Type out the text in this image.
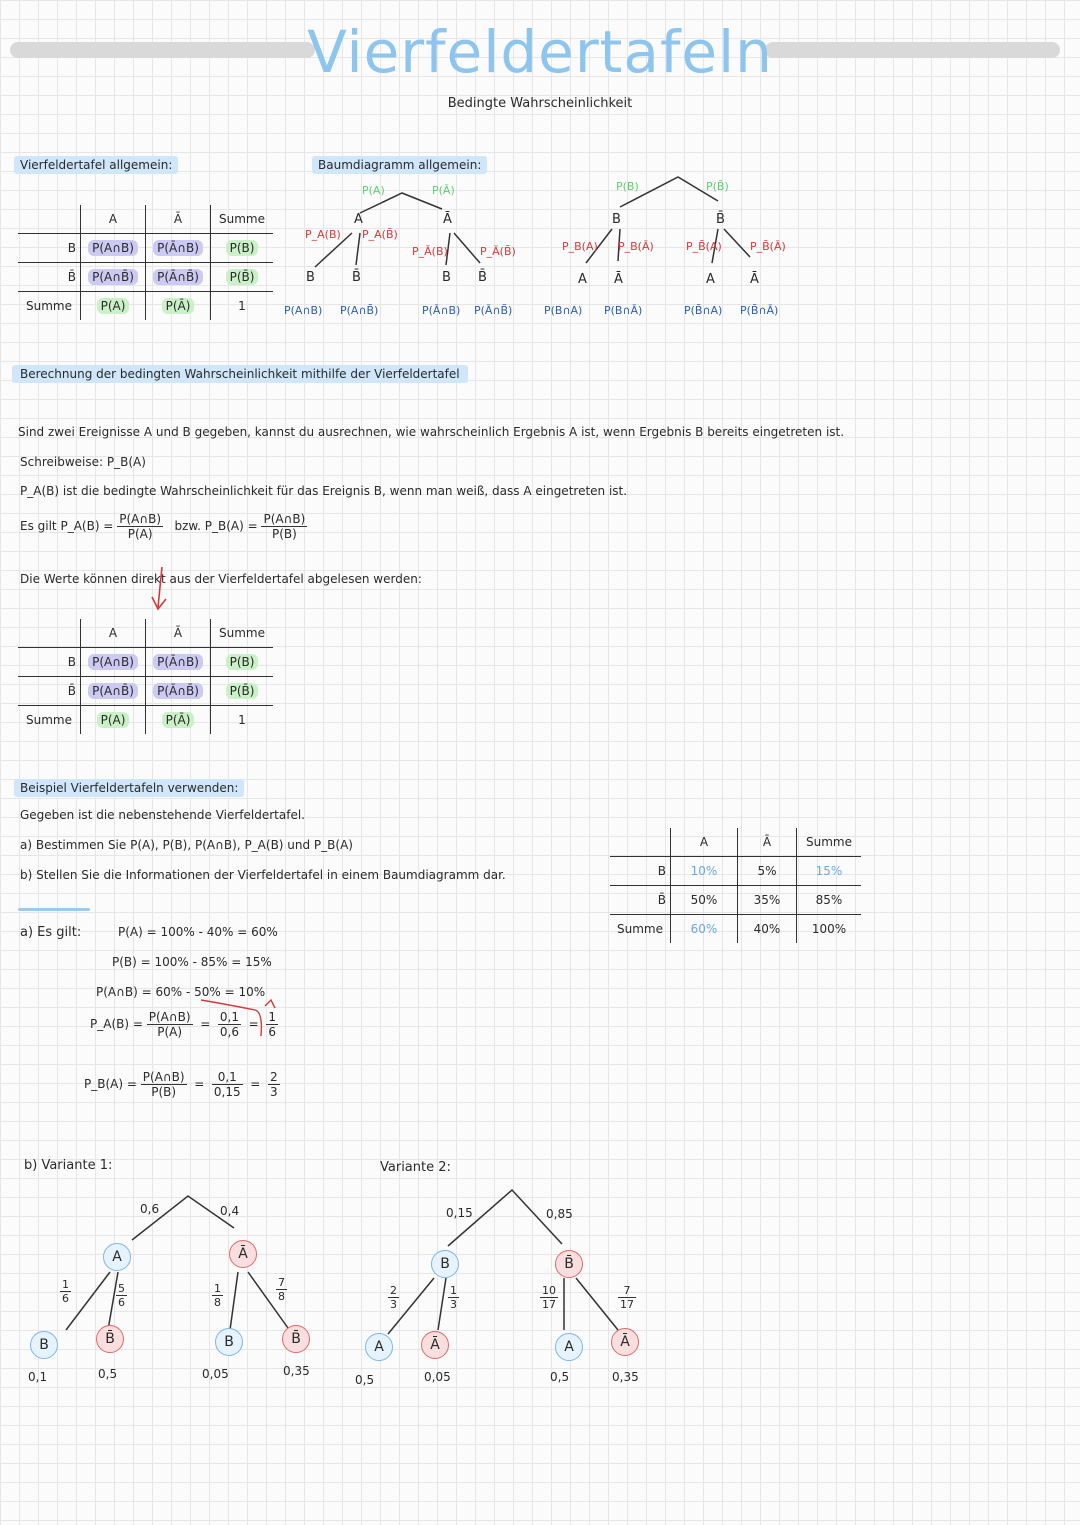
Vierfeldertafeln
Bedingte Wahrscheinlichkeit
Vierfeldertafel allgemein:	Baumdiagramm allgemein:
	A	Ā	Summe
B	P(A∩B)	P(Ā∩B)	P(B)
B̄	P(A∩B̄)	P(Ā∩B̄)	P(B̄)
Summe	P(A)	P(Ā)	1
P(A)	P(Ā)
A	Ā
P_A(B) P_A(B̄)
P_Ā(B)	P_Ā(B̄)
B	B̄	B B̄
P(A∩B) P(A∩B̄)	P(Ā∩B) P(Ā∩B̄)
P(B)	P(B̄)
B	B̄
P_B(A) P_B(Ā)	P_B̄(A)	P_B̄(Ā)
A Ā	A	Ā
P(B∩A) P(B∩Ā)	P(B̄∩A) P(B̄∩Ā)
Berechnung der bedingten Wahrscheinlichkeit mithilfe der Vierfeldertafel
Sind zwei Ereignisse A und B gegeben, kannst du ausrechnen, wie wahrscheinlich Ergebnis A ist, wenn Ergebnis B bereits eingetreten ist.
Schreibweise: P_B(A)
P_A(B) ist die bedingte Wahrscheinlichkeit für das Ereignis B, wenn man weiß, dass A eingetreten ist.
Es gilt P_A(B) = $\frac{P(A\cap B)}{P(A)}$ bzw. P_B(A) = $\frac{P(A\cap B)}{P(B)}$
Die Werte können direkt aus der Vierfeldertafel abgelesen werden:
	A	Ā	Summe
B	P(A∩B)	P(Ā∩B)	P(B)
B̄	P(A∩B̄)	P(Ā∩B̄)	P(B̄)
Summe	P(A)	P(Ā)	1
Beispiel Vierfeldertafeln verwenden:
Gegeben ist die nebenstehende Vierfeldertafel.
a) Bestimmen Sie P(A), P(B), P(A∩B), P_A(B) und P_B(A)
b) Stellen Sie die Informationen der Vierfeldertafel in einem Baumdiagramm dar.
	A	Ā	Summe
B	10%	5%	15%
B̄	50%	35%	85%
Summe	60%	40%	100%
a) Es gilt:	P(A) = 100% - 40% = 60%
P(B) = 100% - 85% = 15%
P(A∩B) = 60% - 50% = 10%
P_A(B) = $\frac{P(A\cap B)}{P(A)} = \frac{0,1}{0,6} = \frac{1}{6}$
P_B(A) = $\frac{P(A\cap B)}{P(B)} = \frac{0,1}{0,15} = \frac{2}{3}$
b) Variante 1:	Variante 2:
0,6	0,4
A	Ā
$\frac{1}{6}$	$\frac{5}{6}$	$\frac{1}{8}$	$\frac{7}{8}$
B	B̄	B	B̄
0,1	0,5	0,05	0,35
0,15	0,85
B	B̄
$\frac{2}{3}$	$\frac{1}{3}$	$\frac{10}{17}$	$\frac{7}{17}$
A	Ā	A	Ā
0,5	0,05	0,5	0,35
